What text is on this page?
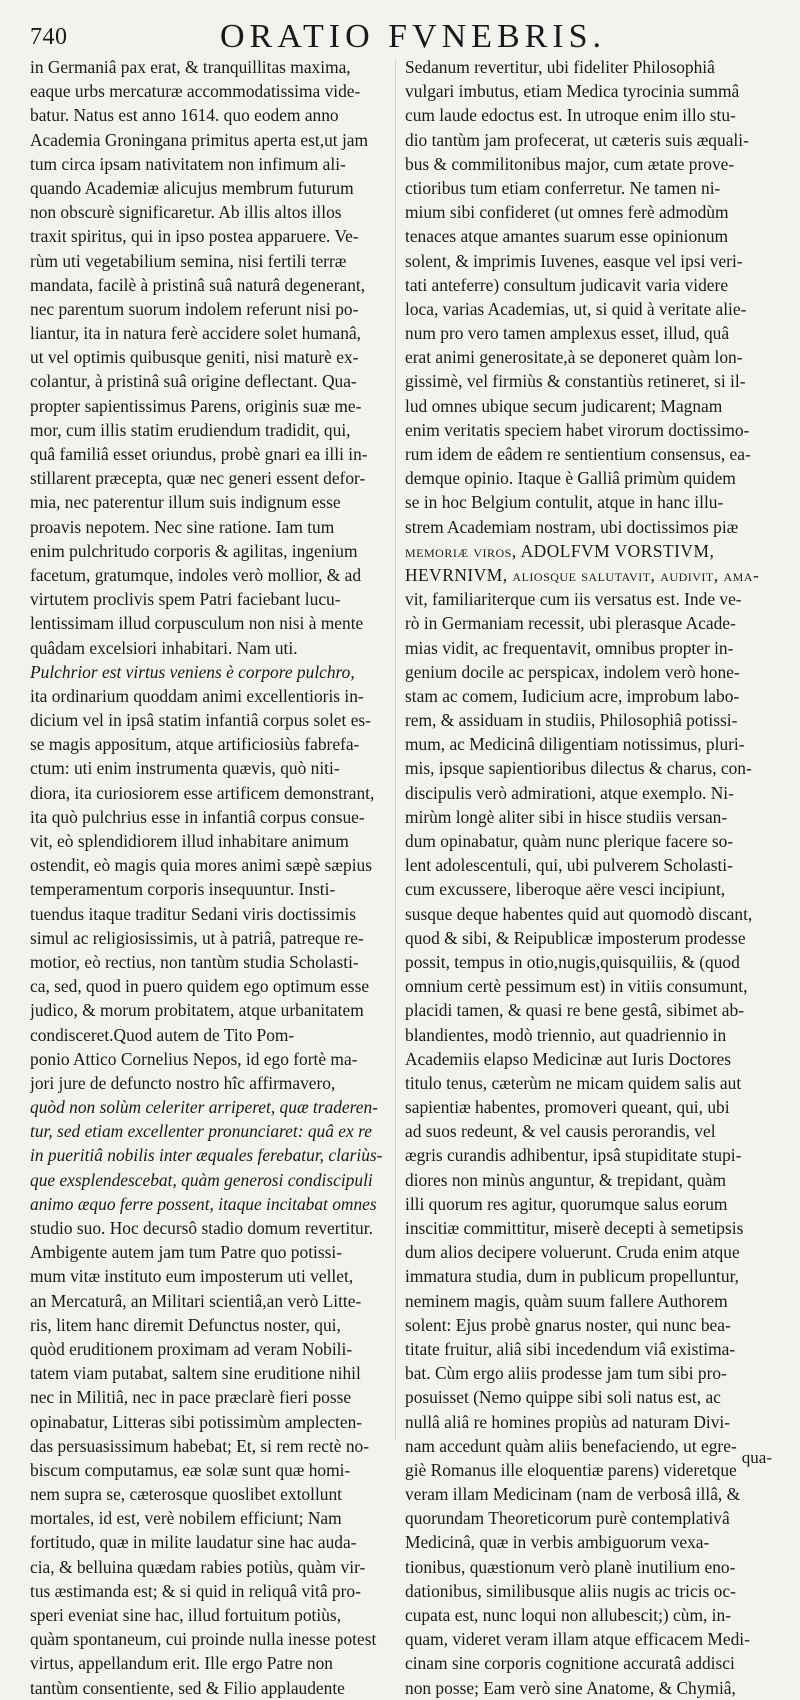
740	ORATIO FVNEBRIS.
in Germaniâ pax erat, & tranquillitas maxima,
eaque urbs mercaturæ accommodatissima vide-
batur. Natus est anno 1614. quo eodem anno
Academia Groningana primitus aperta est,ut jam
tum circa ipsam nativitatem non infimum ali-
quando Academiæ alicujus membrum futurum
non obscurè significaretur. Ab illis altos illos
traxit spiritus, qui in ipso postea apparuere. Ve-
rùm uti vegetabilium semina, nisi fertili terræ
mandata, facilè à pristinâ suâ naturâ degenerant,
nec parentum suorum indolem referunt nisi po-
liantur, ita in natura ferè accidere solet humanâ,
ut vel optimis quibusque geniti, nisi maturè ex-
colantur, à pristinâ suâ origine deflectant. Qua-
propter sapientissimus Parens, originis suæ me-
mor, cum illis statim erudiendum tradidit, qui,
quâ familiâ esset oriundus, probè gnari ea illi in-
stillarent præcepta, quæ nec generi essent defor-
mia, nec paterentur illum suis indignum esse
proavis nepotem. Nec sine ratione. Iam tum
enim pulchritudo corporis & agilitas, ingenium
facetum, gratumque, indoles verò mollior, & ad
virtutem proclivis spem Patri faciebant lucu-
lentissimam illud corpusculum non nisi à mente
quâdam excelsiori inhabitari. Nam uti.
Pulchrior est virtus veniens è corpore pulchro,
ita ordinarium quoddam animi excellentioris in-
dicium vel in ipsâ statim infantiâ corpus solet es-
se magis appositum, atque artificiosiùs fabrefa-
ctum: uti enim instrumenta quævis, quò niti-
diora, ita curiosiorem esse artificem demonstrant,
ita quò pulchrius esse in infantiâ corpus consue-
vit, eò splendidiorem illud inhabitare animum
ostendit, eò magis quia mores animi sæpè sæpius
temperamentum corporis insequuntur. Insti-
tuendus itaque traditur Sedani viris doctissimis
simul ac religiosissimis, ut à patriâ, patreque re-
motior, eò rectius, non tantùm studia Scholasti-
ca, sed, quod in puero quidem ego optimum esse
judico, & morum probitatem, atque urbanitatem
condisceret.Quod autem de Tito Pom-
ponio Attico Cornelius Nepos, id ego fortè ma-
jori jure de defuncto nostro hîc affirmavero,
quòd non solùm celeriter arriperet, quæ traderen-
tur, sed etiam excellenter pronunciaret: quâ ex re
in pueritiâ nobilis inter æquales ferebatur, clariùs-
que exsplendescebat, quàm generosi condiscipuli
animo æquo ferre possent, itaque incitabat omnes
studio suo. Hoc decursô stadio domum revertitur.
Ambigente autem jam tum Patre quo potissi-
mum vitæ instituto eum imposterum uti vellet,
an Mercaturâ, an Militari scientiâ,an verò Litte-
ris, litem hanc diremit Defunctus noster, qui,
quòd eruditionem proximam ad veram Nobili-
tatem viam putabat, saltem sine eruditione nihil
nec in Militiâ, nec in pace præclarè fieri posse
opinabatur, Litteras sibi potissimùm amplecten-
das persuasissimum habebat; Et, si rem rectè no-
biscum computamus, eæ solæ sunt quæ homi-
nem supra se, cæterosque quoslibet extollunt
mortales, id est, verè nobilem efficiunt; Nam
fortitudo, quæ in milite laudatur sine hac auda-
cia, & belluina quædam rabies potiùs, quàm vir-
tus æstimanda est; & si quid in reliquâ vitâ pro-
speri eveniat sine hac, illud fortuitum potiùs,
quàm spontaneum, cui proinde nulla inesse potest
virtus, appellandum erit. Ille ergo Patre non
tantùm consentiente, sed & Filio applaudente
Sedanum revertitur, ubi fideliter Philosophiâ
vulgari imbutus, etiam Medica tyrocinia summâ
cum laude edoctus est. In utroque enim illo stu-
dio tantùm jam profecerat, ut cæteris suis æquali-
bus & commilitonibus major, cum ætate prove-
ctioribus tum etiam conferretur. Ne tamen ni-
mium sibi confideret (ut omnes ferè admodùm
tenaces atque amantes suarum esse opinionum
solent, & imprimis Iuvenes, easque vel ipsi veri-
tati anteferre) consultum judicavit varia videre
loca, varias Academias, ut, si quid à veritate alie-
num pro vero tamen amplexus esset, illud, quâ
erat animi generositate,à se deponeret quàm lon-
gissimè, vel firmiùs & constantiùs retineret, si il-
lud omnes ubique secum judicarent; Magnam
enim veritatis speciem habet virorum doctissimo-
rum idem de eâdem re sentientium consensus, ea-
demque opinio. Itaque è Galliâ primùm quidem
se in hoc Belgium contulit, atque in hanc illu-
strem Academiam nostram, ubi doctissimos piæ
memoriæ viros, ADOLFVM VORSTIVM,
HEVRNIVM, aliosque salutavit, audivit, ama-
vit, familiariterque cum iis versatus est. Inde ve-
rò in Germaniam recessit, ubi plerasque Acade-
mias vidit, ac frequentavit, omnibus propter in-
genium docile ac perspicax, indolem verò hone-
stam ac comem, Iudicium acre, improbum labo-
rem, & assiduam in studiis, Philosophiâ potissi-
mum, ac Medicinâ diligentiam notissimus, pluri-
mis, ipsque sapientioribus dilectus & charus, con-
discipulis verò admirationi, atque exemplo. Ni-
mirùm longè aliter sibi in hisce studiis versan-
dum opinabatur, quàm nunc plerique facere so-
lent adolescentuli, qui, ubi pulverem Scholasti-
cum excussere, liberoque aëre vesci incipiunt,
susque deque habentes quid aut quomodò discant,
quod & sibi, & Reipublicæ imposterum prodesse
possit, tempus in otio,nugis,quisquiliis, & (quod
omnium certè pessimum est) in vitiis consumunt,
placidi tamen, & quasi re bene gestâ, sibimet ab-
blandientes, modò triennio, aut quadriennio in
Academiis elapso Medicinæ aut Iuris Doctores
titulo tenus, cæterùm ne micam quidem salis aut
sapientiæ habentes, promoveri queant, qui, ubi
ad suos redeunt, & vel causis perorandis, vel
ægris curandis adhibentur, ipsâ stupiditate stupi-
diores non minùs anguntur, & trepidant, quàm
illi quorum res agitur, quorumque salus eorum
inscitiæ committitur, miserè decepti à semetipsis
dum alios decipere voluerunt. Cruda enim atque
immatura studia, dum in publicum propelluntur,
neminem magis, quàm suum fallere Authorem
solent: Ejus probè gnarus noster, qui nunc bea-
titate fruitur, aliâ sibi incedendum viâ existima-
bat. Cùm ergo aliis prodesse jam tum sibi pro-
posuisset (Nemo quippe sibi soli natus est, ac
nullâ aliâ re homines propiùs ad naturam Divi-
nam accedunt quàm aliis benefaciendo, ut egre-
giè Romanus ille eloquentiæ parens) videretque
veram illam Medicinam (nam de verbosâ illâ, &
quorundam Theoreticorum purè contemplativâ
Medicinâ, quæ in verbis ambiguorum vexa-
tionibus, quæstionum verò planè inutilium eno-
dationibus, similibusque aliis nugis ac tricis oc-
cupata est, nunc loqui non allubescit;) cùm, in-
quam, videret veram illam atque efficacem Medi-
cinam sine corporis cognitione accuratâ addisci
non posse; Eam verò sine Anatome, & Chymiâ,
qua-
